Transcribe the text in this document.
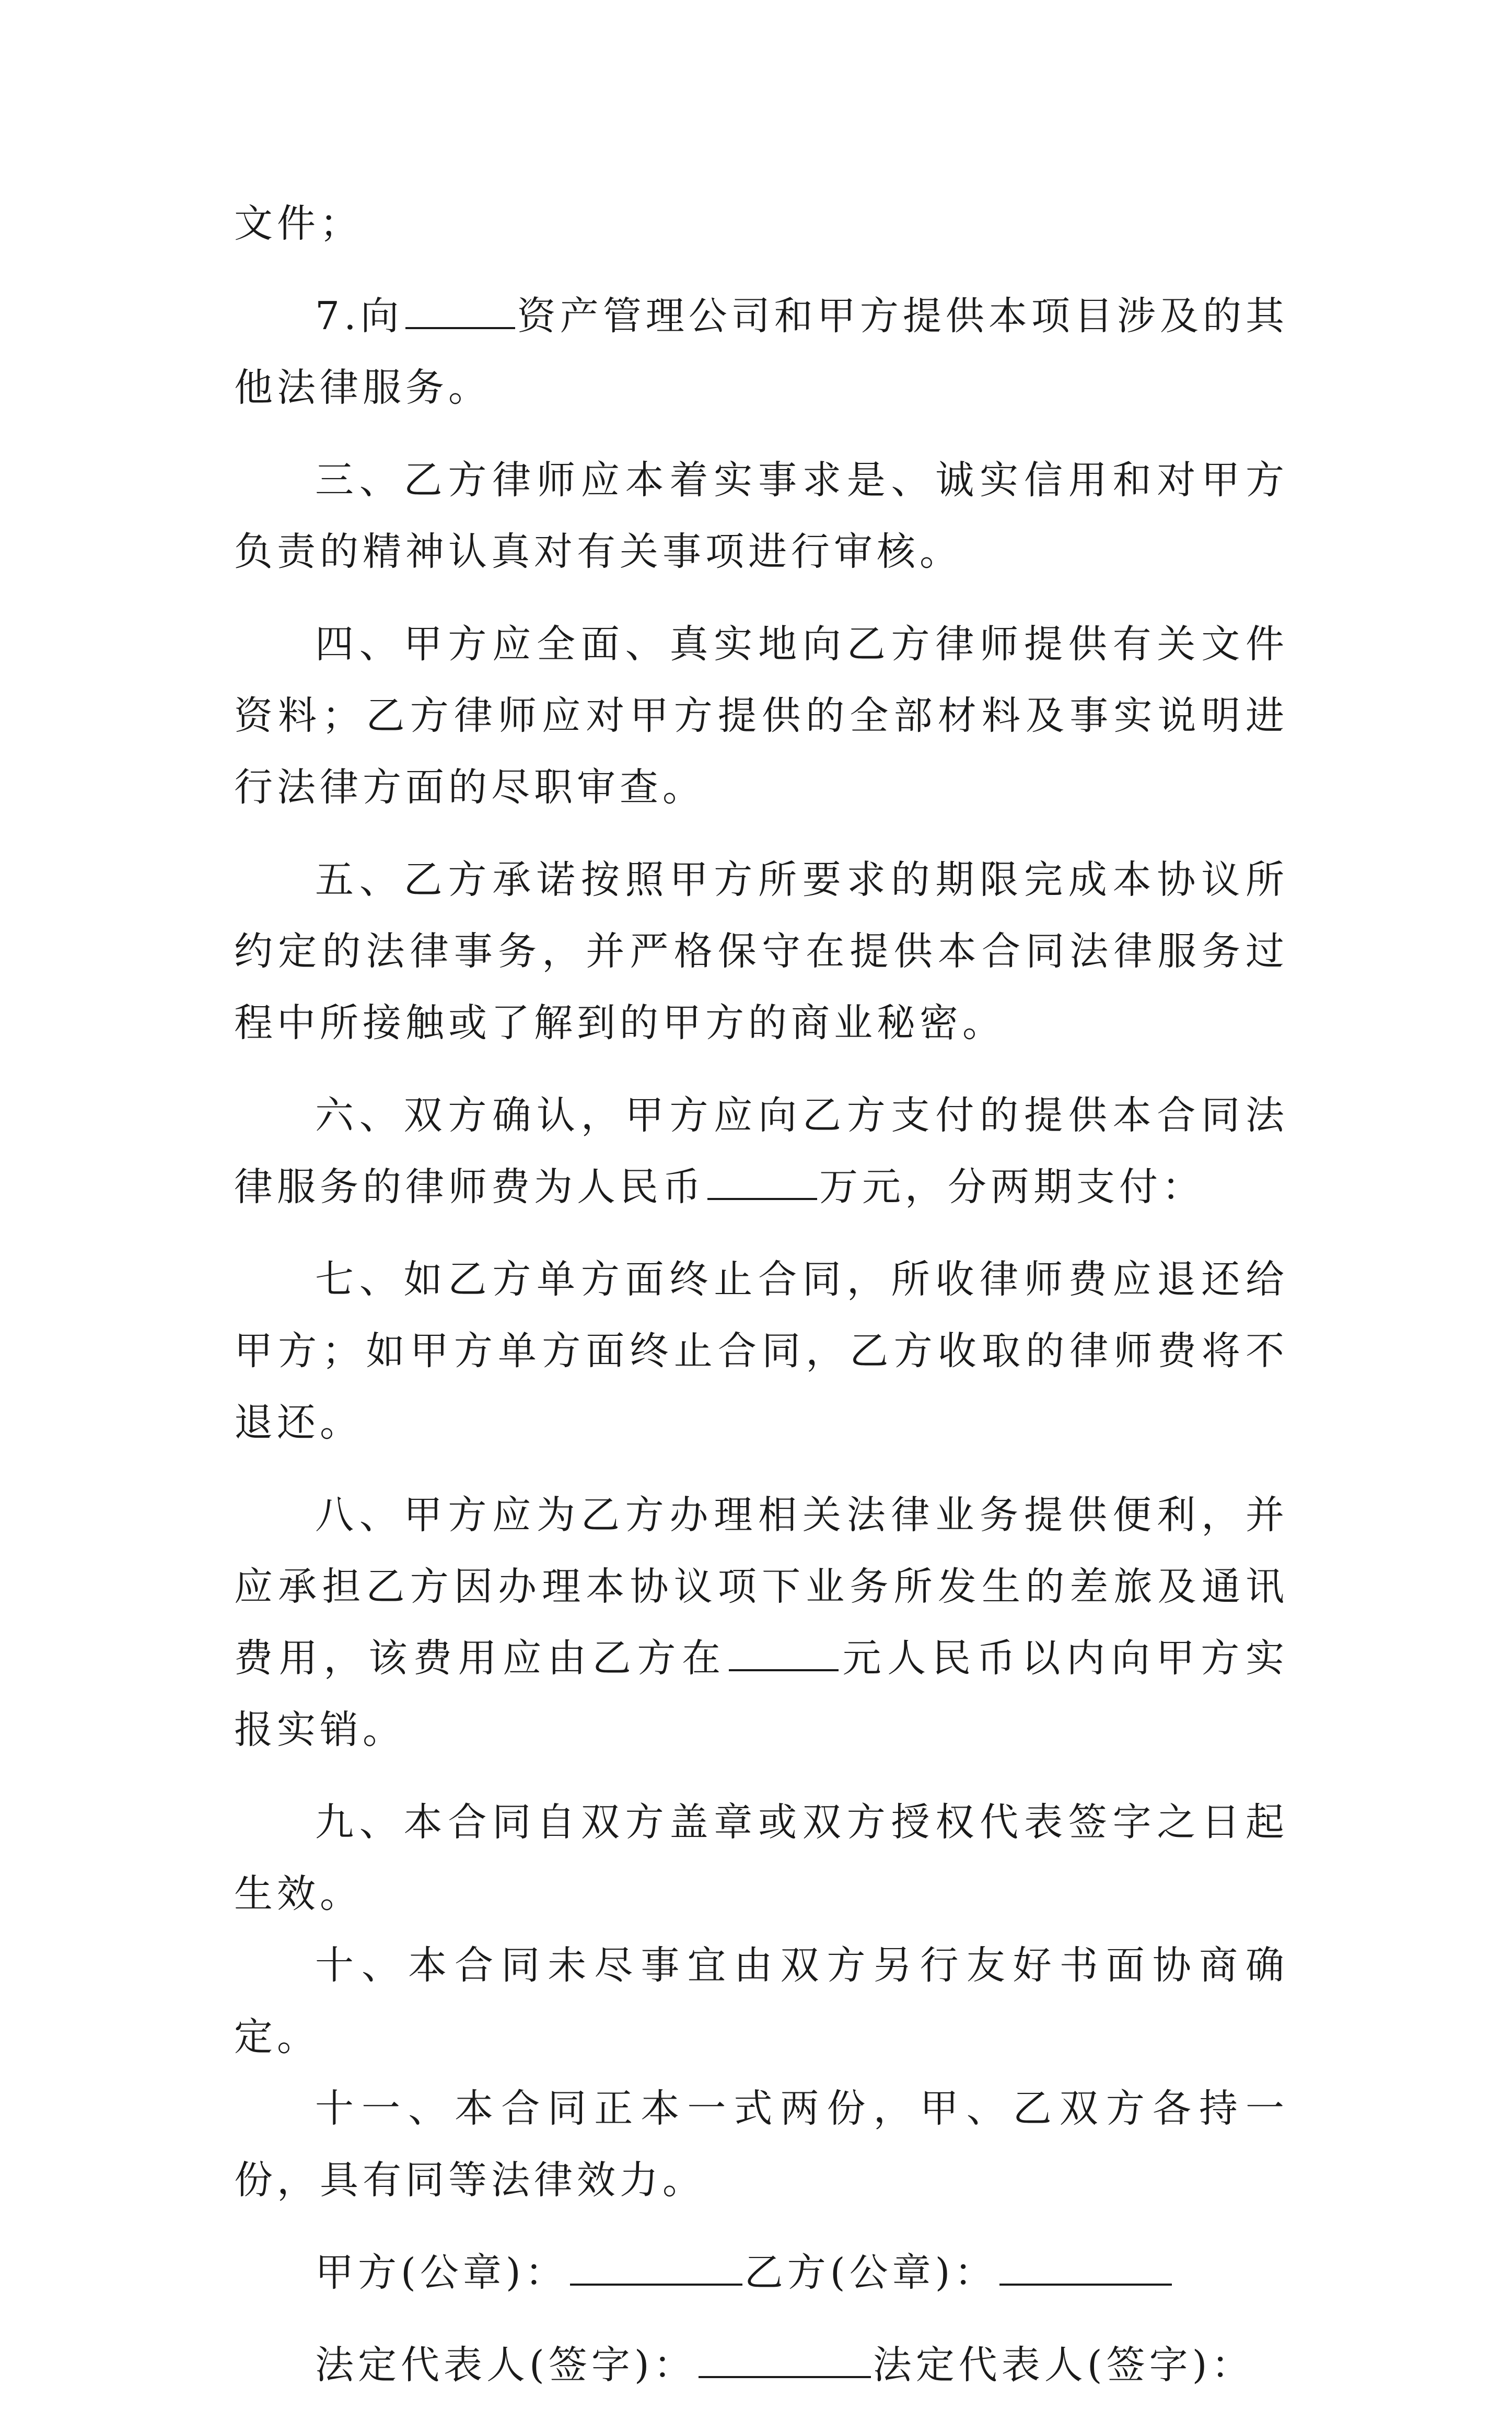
文件；

7.向	资产管理公司和甲方提供本项目涉及的其他法律服务。

三、乙方律师应本着实事求是、诚实信用和对甲方负责的精神认真对有关事项进行审核。

四、甲方应全面、真实地向乙方律师提供有关文件资料；乙方律师应对甲方提供的全部材料及事实说明进行法律方面的尽职审查。

五、乙方承诺按照甲方所要求的期限完成本协议所约定的法律事务，并严格保守在提供本合同法律服务过程中所接触或了解到的甲方的商业秘密。

六、双方确认，甲方应向乙方支付的提供本合同法律服务的律师费为人民币	万元，分两期支付：

七、如乙方单方面终止合同，所收律师费应退还给甲方；如甲方单方面终止合同，乙方收取的律师费将不退还。

八、甲方应为乙方办理相关法律业务提供便利，并应承担乙方因办理本协议项下业务所发生的差旅及通讯费用，该费用应由乙方在	元人民币以内向甲方实报实销。

九、本合同自双方盖章或双方授权代表签字之日起生效。

十、本合同未尽事宜由双方另行友好书面协商确定。

十一、本合同正本一式两份，甲、乙双方各持一份，具有同等法律效力。

甲方(公章)：	乙方(公章)：
法定代表人(签字)：	法定代表人(签字)：
